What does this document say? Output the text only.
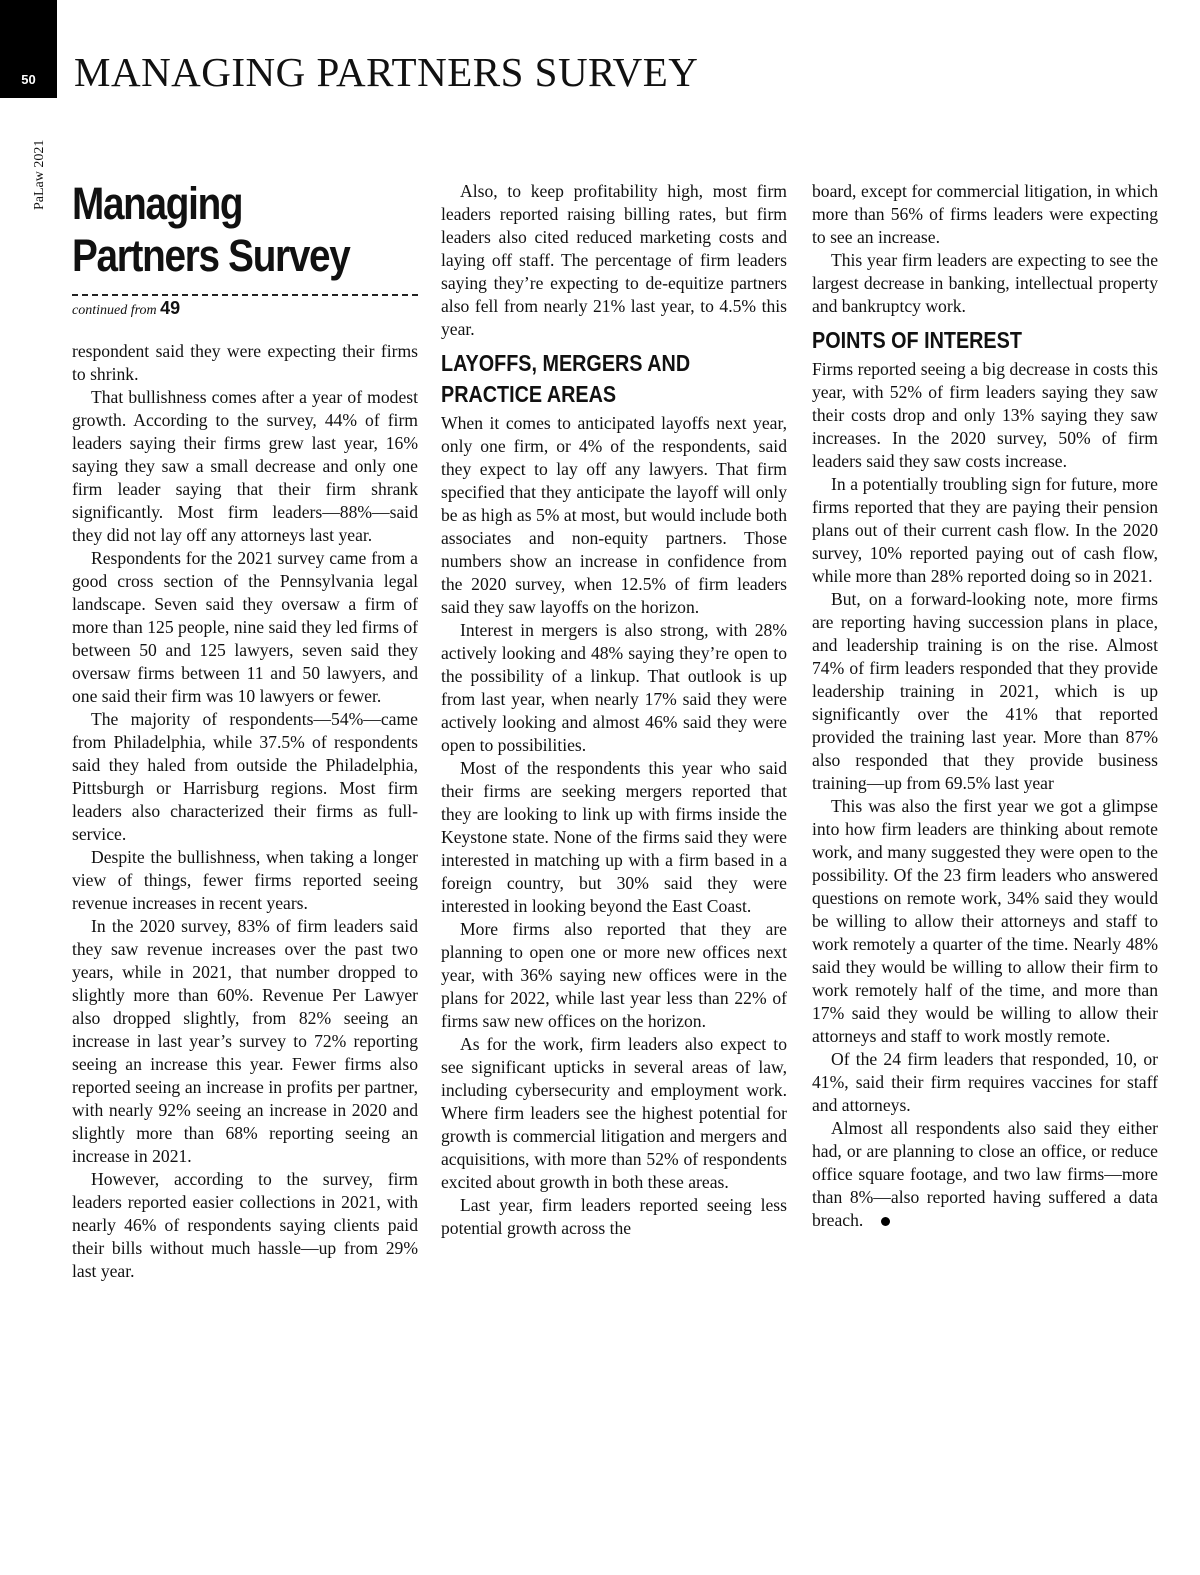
50 MANAGING PARTNERS SURVEY
PaLaw 2021 Managing
Partners Survey
continued from 49

respondent said they were expecting their firms to shrink.

That bullishness comes after a year of modest growth. According to the survey, 44% of firm leaders saying their firms grew last year, 16% saying they saw a small decrease and only one firm leader saying that their firm shrank significantly. Most firm leaders—88%—said they did not lay off any attorneys last year.

Respondents for the 2021 survey came from a good cross section of the Pennsylvania legal landscape. Seven said they oversaw a firm of more than 125 people, nine said they led firms of between 50 and 125 lawyers, seven said they oversaw firms between 11 and 50 lawyers, and one said their firm was 10 lawyers or fewer.

The majority of respondents—54%—came from Philadelphia, while 37.5% of respondents said they haled from outside the Philadelphia, Pittsburgh or Harrisburg regions. Most firm leaders also characterized their firms as full-service.

Despite the bullishness, when taking a longer view of things, fewer firms reported seeing revenue increases in recent years.

In the 2020 survey, 83% of firm leaders said they saw revenue increases over the past two years, while in 2021, that number dropped to slightly more than 60%. Revenue Per Lawyer also dropped slightly, from 82% seeing an increase in last year’s survey to 72% reporting seeing an increase this year. Fewer firms also reported seeing an increase in profits per partner, with nearly 92% seeing an increase in 2020 and slightly more than 68% reporting seeing an increase in 2021.

However, according to the survey, firm leaders reported easier collections in 2021, with nearly 46% of respondents saying clients paid their bills without much hassle—up from 29% last year.

Also, to keep profitability high, most firm leaders reported raising billing rates, but firm leaders also cited reduced marketing costs and laying off staff. The percentage of firm leaders saying they’re expecting to de-equitize partners also fell from nearly 21% last year, to 4.5% this year.

LAYOFFS, MERGERS AND
PRACTICE AREAS

When it comes to anticipated layoffs next year, only one firm, or 4% of the respondents, said they expect to lay off any lawyers. That firm specified that they anticipate the layoff will only be as high as 5% at most, but would include both associates and non-equity partners. Those numbers show an increase in confidence from the 2020 survey, when 12.5% of firm leaders said they saw layoffs on the horizon.

Interest in mergers is also strong, with 28% actively looking and 48% saying they’re open to the possibility of a linkup. That outlook is up from last year, when nearly 17% said they were actively looking and almost 46% said they were open to possibilities.

Most of the respondents this year who said their firms are seeking mergers reported that they are looking to link up with firms inside the Keystone state. None of the firms said they were interested in matching up with a firm based in a foreign country, but 30% said they were interested in looking beyond the East Coast.

More firms also reported that they are planning to open one or more new offices next year, with 36% saying new offices were in the plans for 2022, while last year less than 22% of firms saw new offices on the horizon.

As for the work, firm leaders also expect to see significant upticks in several areas of law, including cybersecurity and employment work. Where firm leaders see the highest potential for growth is commercial litigation and mergers and acquisitions, with more than 52% of respondents excited about growth in both these areas.

Last year, firm leaders reported seeing less potential growth across the

board, except for commercial litigation, in which more than 56% of firms leaders were expecting to see an increase.

This year firm leaders are expecting to see the largest decrease in banking, intellectual property and bankruptcy work.

POINTS OF INTEREST

Firms reported seeing a big decrease in costs this year, with 52% of firm leaders saying they saw their costs drop and only 13% saying they saw increases. In the 2020 survey, 50% of firm leaders said they saw costs increase.

In a potentially troubling sign for future, more firms reported that they are paying their pension plans out of their current cash flow. In the 2020 survey, 10% reported paying out of cash flow, while more than 28% reported doing so in 2021.

But, on a forward-looking note, more firms are reporting having succession plans in place, and leadership training is on the rise. Almost 74% of firm leaders responded that they provide leadership training in 2021, which is up significantly over the 41% that reported provided the training last year. More than 87% also responded that they provide business training—up from 69.5% last year

This was also the first year we got a glimpse into how firm leaders are thinking about remote work, and many suggested they were open to the possibility. Of the 23 firm leaders who answered questions on remote work, 34% said they would be willing to allow their attorneys and staff to work remotely a quarter of the time. Nearly 48% said they would be willing to allow their firm to work remotely half of the time, and more than 17% said they would be willing to allow their attorneys and staff to work mostly remote.

Of the 24 firm leaders that responded, 10, or 41%, said their firm requires vaccines for staff and attorneys.

Almost all respondents also said they either had, or are planning to close an office, or reduce office square footage, and two law firms—more than 8%—also reported having suffered a data breach.
